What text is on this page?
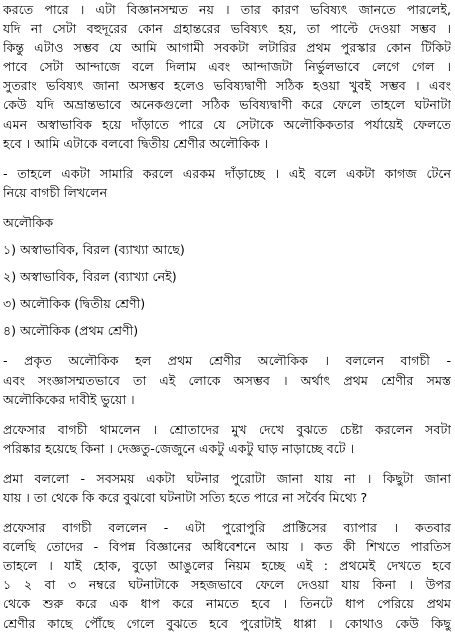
করতে পারে । এটা বিজ্ঞানসম্মত নয় । তার কারণ ভবিষ্যৎ জানতে পারলেই,
যদি না সেটা বহুদূরের কোন গ্রহান্তরের ভবিষ্যৎ হয়, তা পাল্টে দেওয়া সম্ভব ।
কিন্তু এটাও সম্ভব যে আমি আগামী সবকটা লটারির প্রথম পুরস্কার কোন টিকিট
পাবে সেটা আন্দাজে বলে দিলাম এবং আন্দাজটা নির্ভুলভাবে লেগে গেল ।
সুতরাং ভবিষ্যৎ জানা অসম্ভব হলেও ভবিষ্যদ্বাণী সঠিক হওয়া খুবই সম্ভব । এবং
কেউ যদি অভ্রান্তভাবে অনেকগুলো সঠিক ভবিষ্যদ্বাণী করে ফেলে তাহলে ঘটনাটা
এমন অস্বাভাবিক হয়ে দাঁড়াতে পারে যে সেটাকে অলৌকিকতার পর্যায়েই ফেলতে
হবে । আমি এটাকে বলবো দ্বিতীয় শ্রেণীর অলৌকিক ।
- তাহলে একটা সামারি করলে এরকম দাঁড়াচ্ছে । এই বলে একটা কাগজ টেনে
নিয়ে বাগচী লিখলেন
অলৌকিক
১) অস্বাভাবিক, বিরল (ব্যাখ্যা আছে)
২) অস্বাভাবিক, বিরল (ব্যাখ্যা নেই)
৩) অলৌকিক (দ্বিতীয় শ্রেণী)
৪) অলৌকিক (প্রথম শ্রেণী)
- প্রকৃত অলৌকিক হল প্রথম শ্রেণীর অলৌকিক । বললেন বাগচী -
এবং সংজ্ঞাসম্মতভাবে তা এই লোকে অসম্ভব । অর্থাৎ প্রথম শ্রেণীর সমস্ত
অলৌকিকের দাবীই ভুয়ো ।
প্রফেসার বাগচী থামলেন । শ্রোতাদের মুখ দেখে বুঝতে চেষ্টা করলেন সবটা
পরিষ্কার হয়েছে কিনা । দেজ্ঞতু-জেজুনে একটু একটু ঘাড় নাড়াচ্ছে বটে ।
প্রমা বললো - সবসময় একটা ঘটনার পুরোটা জানা যায় না । কিছুটা জানা
যায় । তা থেকে কি করে বুঝবো ঘটনাটা সত্যি হতে পারে না সর্বৈব মিথ্যে ?
প্রফেসার বাগচী বললেন - এটা পুরোপুরি প্রাক্টিসের ব্যাপার । কতবার
বলেছি তোদের - বিপন্ন বিজ্ঞানের অধিবেশনে আয় । কত কী শিখতে পারতিস
তাহলে । যাই হোক, বুড়ো আঙুলের নিয়ম হচ্ছে এই : প্রথমেই দেখতে হবে
১ ২ বা ৩ নম্বরে ঘটনাটাকে সহজভাবে ফেলে দেওয়া যায় কিনা । উপর
থেকে শুরু করে এক ধাপ করে নামতে হবে । তিনটে ধাপ পেরিয়ে প্রথম
শ্রেণীর কাছে পৌঁছে গেলে বুঝতে হবে পুরোটাই ধাপ্পা । কোথাও কেউ কিছু
